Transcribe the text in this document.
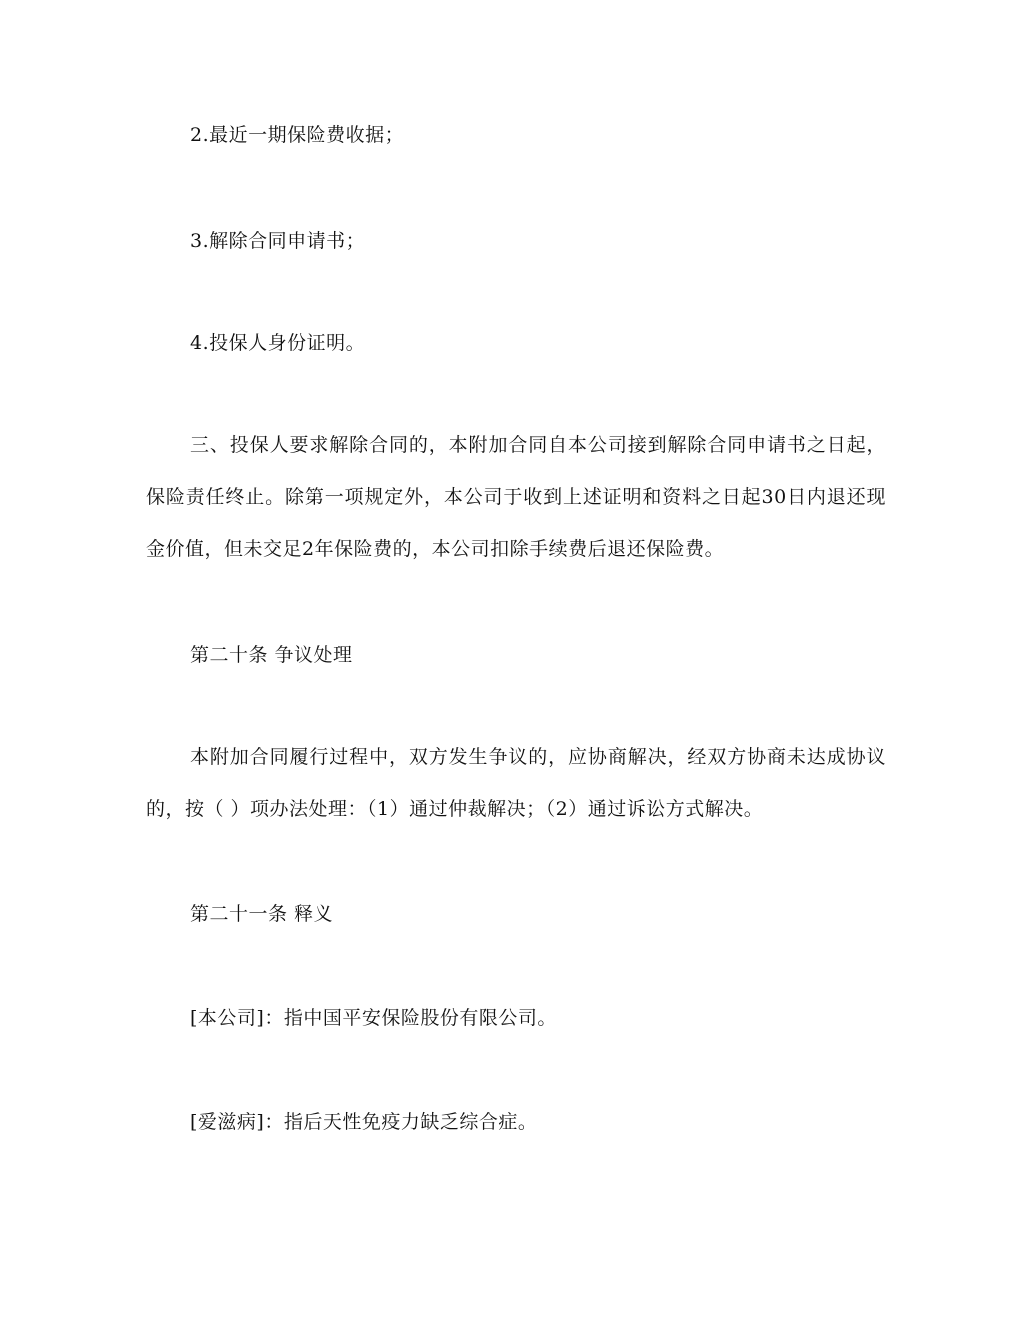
2.最近一期保险费收据；
3.解除合同申请书；
4.投保人身份证明。
三、投保人要求解除合同的，本附加合同自本公司接到解除合同申请书之日起，保险责任终止。除第一项规定外，本公司于收到上述证明和资料之日起30日内退还现金价值，但未交足2年保险费的，本公司扣除手续费后退还保险费。
第二十条 争议处理
本附加合同履行过程中，双方发生争议的，应协商解决，经双方协商未达成协议的，按（ ）项办法处理：（1）通过仲裁解决；（2）通过诉讼方式解决。
第二十一条 释义
[本公司]：指中国平安保险股份有限公司。
[爱滋病]：指后天性免疫力缺乏综合症。
